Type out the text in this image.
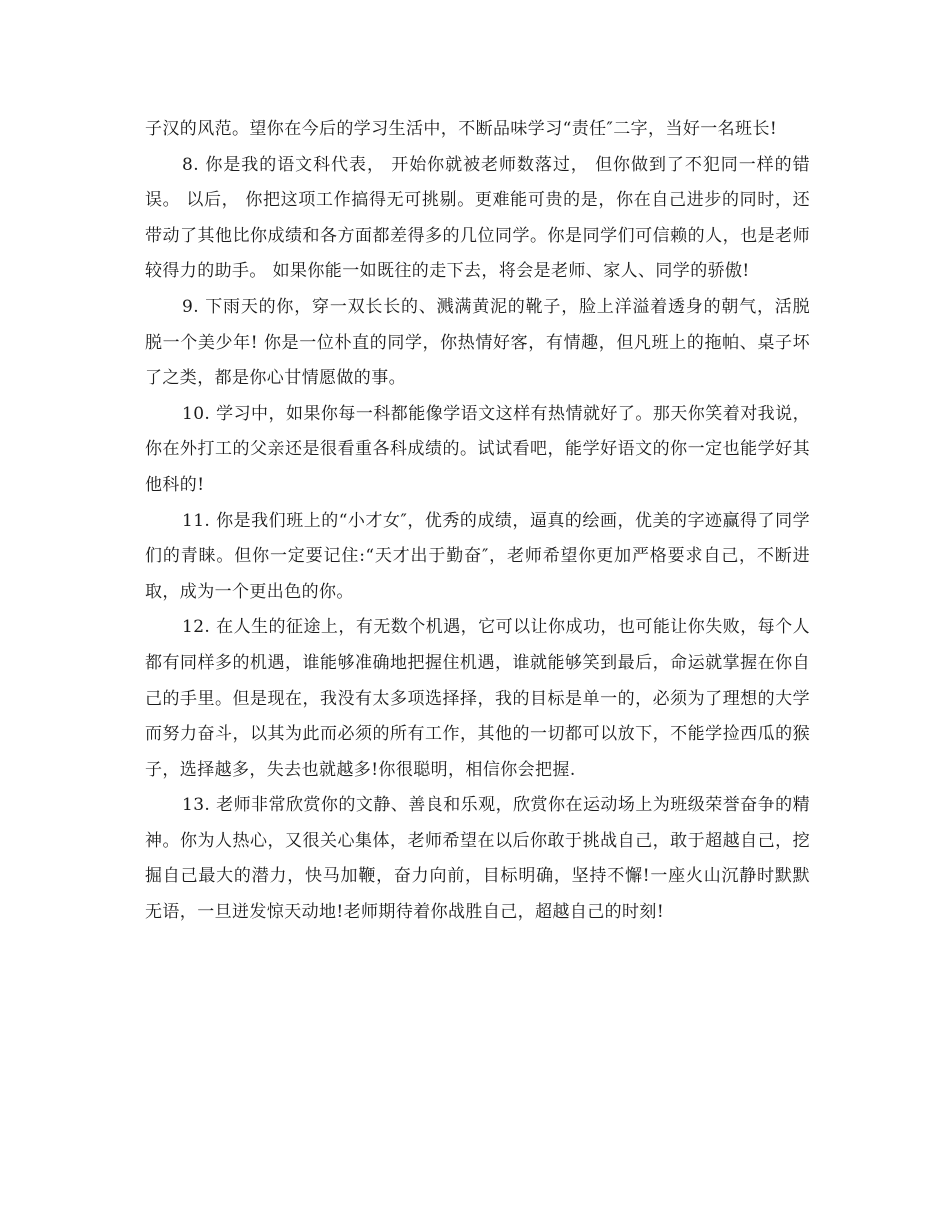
子汉的风范。望你在今后的学习生活中，不断品味学习“责任″二字，当好一名班长!

8. 你是我的语文科代表， 开始你就被老师数落过， 但你做到了不犯同一样的错误。 以后， 你把这项工作搞得无可挑剔。更难能可贵的是，你在自己进步的同时，还带动了其他比你成绩和各方面都差得多的几位同学。你是同学们可信赖的人，也是老师较得力的助手。 如果你能一如既往的走下去，将会是老师、家人、同学的骄傲!

9. 下雨天的你，穿一双长长的、溅满黄泥的靴子，脸上洋溢着透身的朝气，活脱脱一个美少年! 你是一位朴直的同学，你热情好客，有情趣，但凡班上的拖帕、桌子坏了之类，都是你心甘情愿做的事。

10. 学习中，如果你每一科都能像学语文这样有热情就好了。那天你笑着对我说，你在外打工的父亲还是很看重各科成绩的。试试看吧，能学好语文的你一定也能学好其他科的!

11. 你是我们班上的“小才女″，优秀的成绩，逼真的绘画，优美的字迹赢得了同学们的青睐。但你一定要记住:“天才出于勤奋″，老师希望你更加严格要求自己，不断进取，成为一个更出色的你。

12. 在人生的征途上，有无数个机遇，它可以让你成功，也可能让你失败，每个人都有同样多的机遇，谁能够准确地把握住机遇，谁就能够笑到最后，命运就掌握在你自己的手里。但是现在，我没有太多项选择择，我的目标是单一的，必须为了理想的大学而努力奋斗，以其为此而必须的所有工作，其他的一切都可以放下，不能学捡西瓜的猴子，选择越多，失去也就越多!你很聪明，相信你会把握.

13. 老师非常欣赏你的文静、善良和乐观，欣赏你在运动场上为班级荣誉奋争的精神。你为人热心，又很关心集体，老师希望在以后你敢于挑战自己，敢于超越自己，挖掘自己最大的潜力，快马加鞭，奋力向前，目标明确，坚持不懈!一座火山沉静时默默无语，一旦迸发惊天动地!老师期待着你战胜自己，超越自己的时刻!
